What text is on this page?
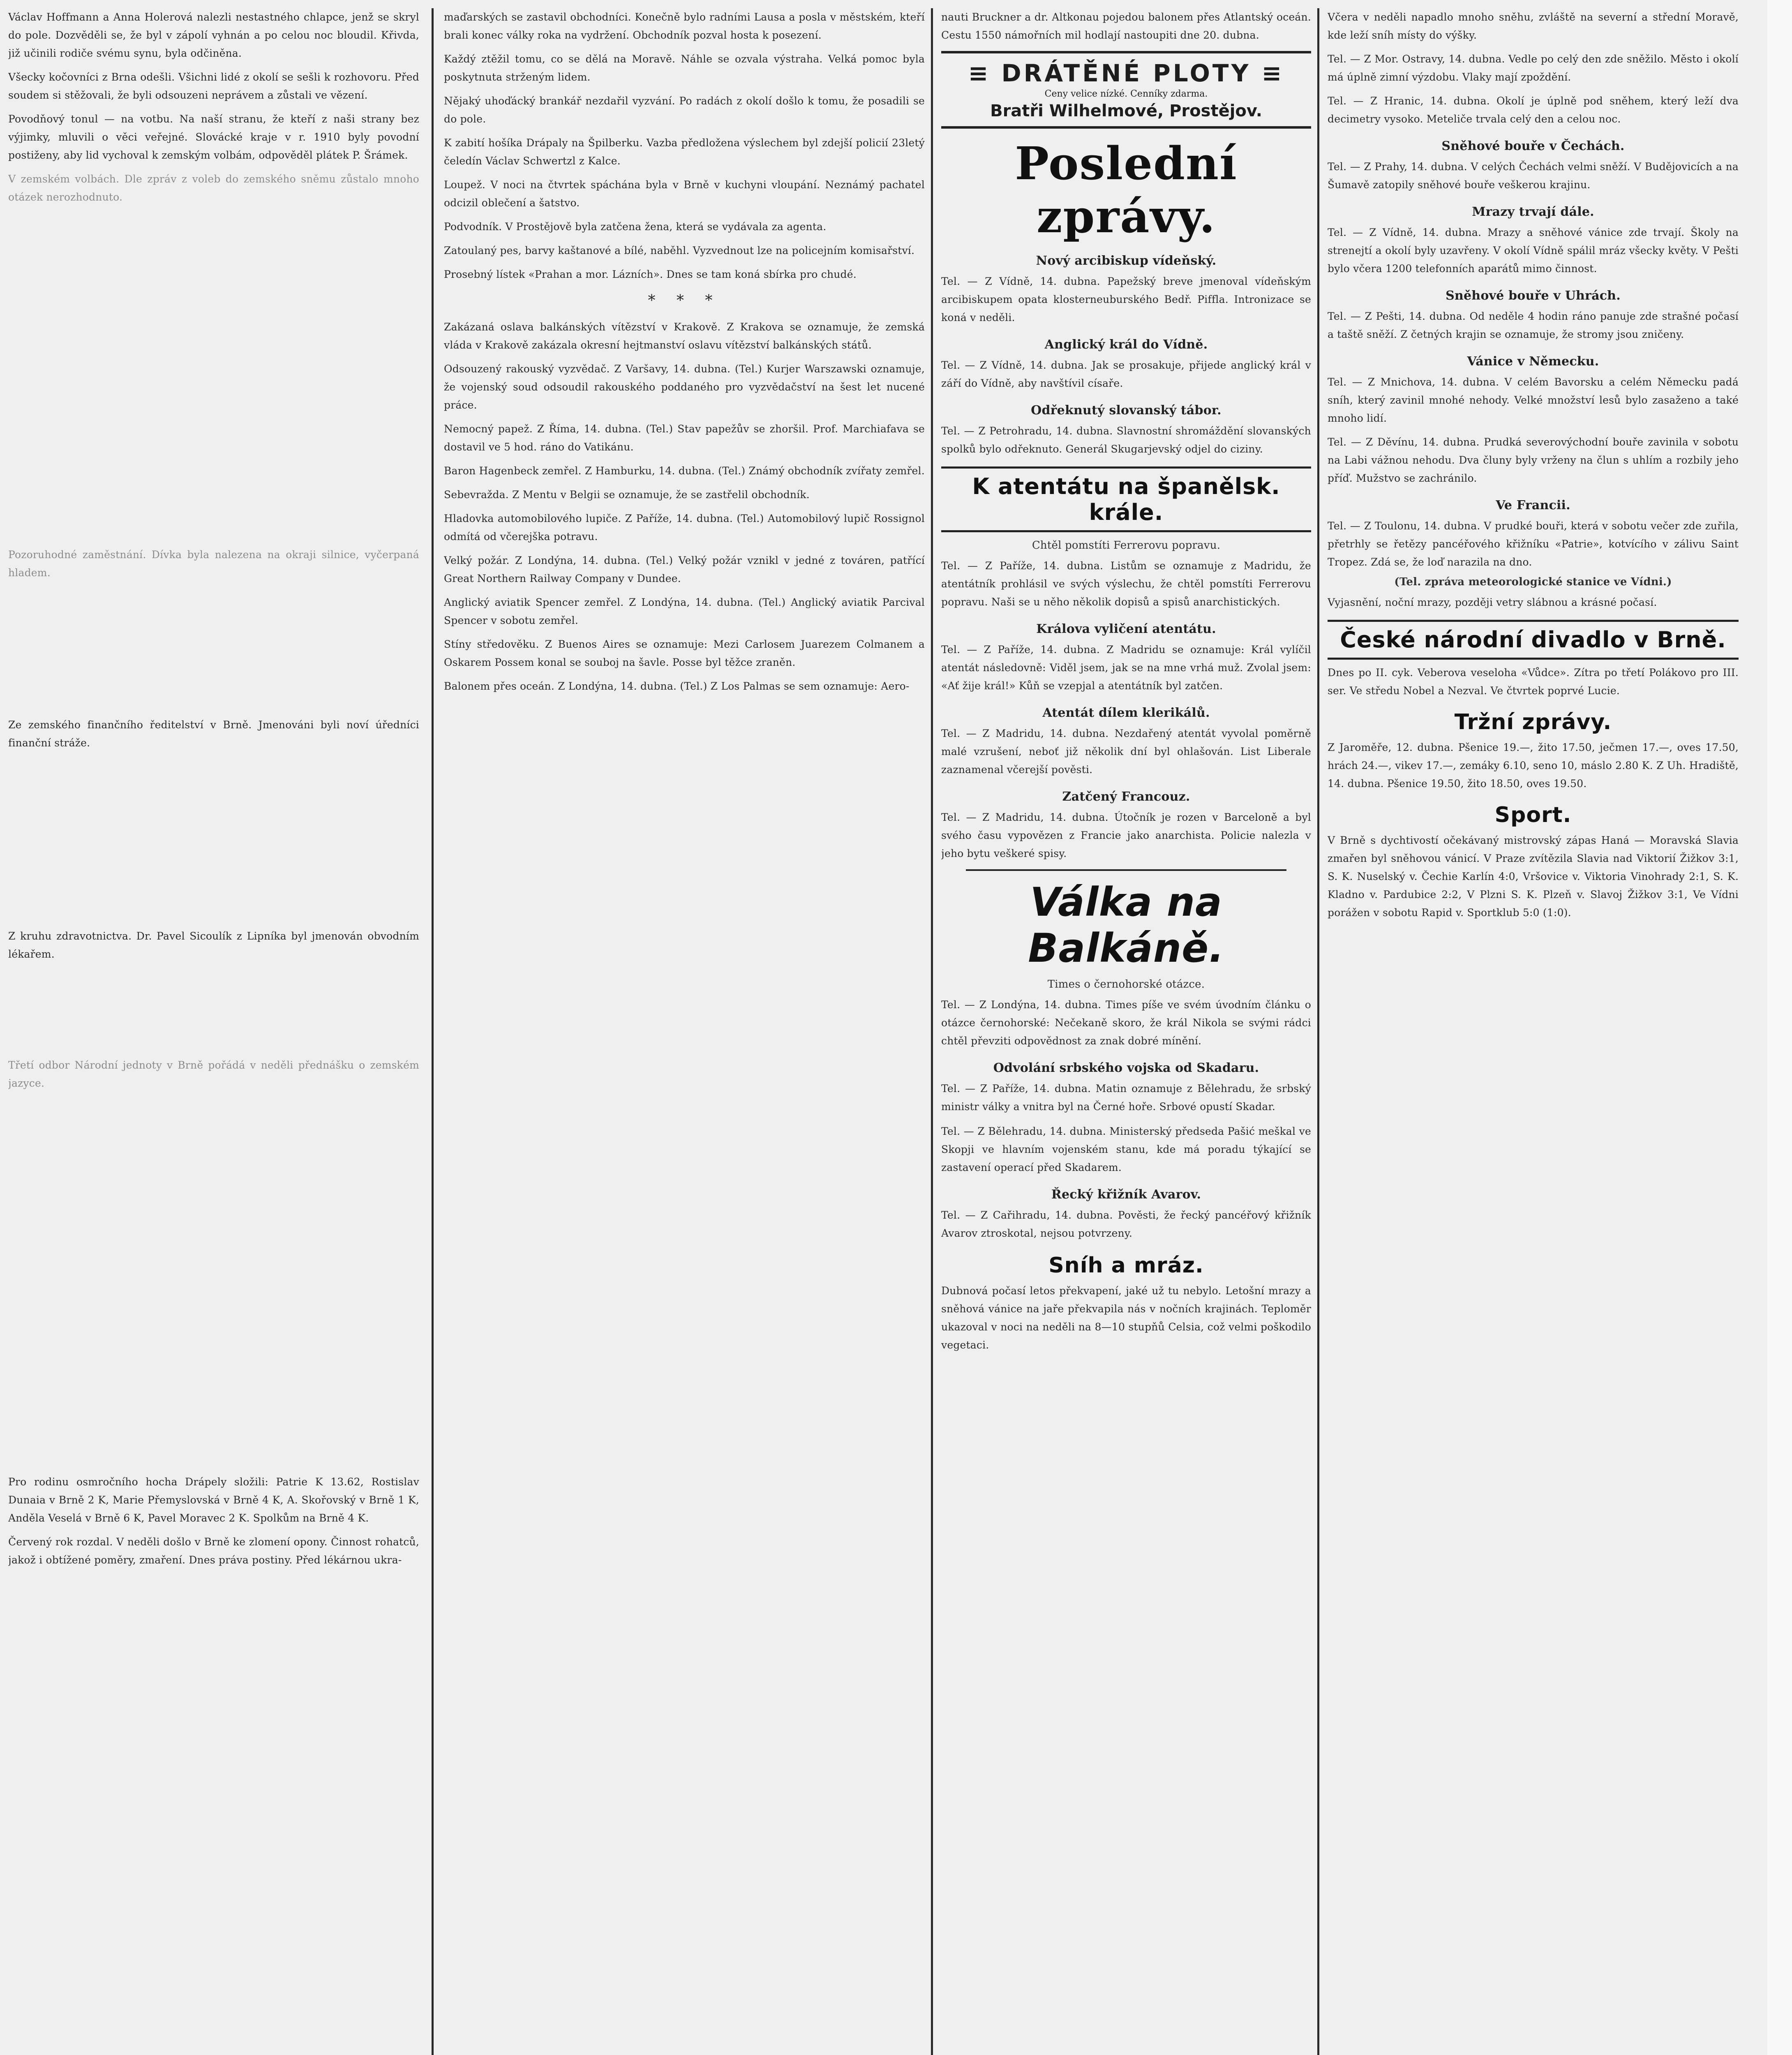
Václav Hoffmann a Anna Holerová nalezli nestastného chlapce, jenž se skryl do pole. Dozvěděli se, že byl v zápolí vyhnán a po celou noc bloudil. Křivda, již učinili rodiče svému synu, byla odčiněna.

Všecky kočovníci z Brna odešli. Všichni lidé z okolí se sešli k rozhovoru. Před soudem si stěžovali, že byli odsouzeni neprávem a zůstali ve vězení.

Povodňový tonul — na votbu. Na naší stranu, že kteří z naši strany bez výjimky, mluvili o věci veřejné. Slovácké kraje v r. 1910 byly povodní postiženy, aby lid vychoval k zemským volbám, odpověděl plátek P. Šrámek.

V zemském volbách. Dle zpráv z voleb do zemského sněmu zůstalo mnoho otázek nerozhodnuto.

Pozoruhodné zaměstnání. Dívka byla nalezena na okraji silnice, vyčerpaná hladem.

Ze zemského finančního ředitelství v Brně. Jmenováni byli noví úředníci finanční stráže.

Z kruhu zdravotnictva. Dr. Pavel Sicoulík z Lipníka byl jmenován obvodním lékařem.

Třetí odbor Národní jednoty v Brně pořádá v neděli přednášku o zemském jazyce.

Pro rodinu osmročního hocha Drápely složili: Patrie K 13.62, Rostislav Dunaia v Brně 2 K, Marie Přemyslovská v Brně 4 K, A. Skořovský v Brně 1 K, Anděla Veselá v Brně 6 K, Pavel Moravec 2 K. Spolkům na Brně 4 K.

Červený rok rozdal. V neděli došlo v Brně ke zlomení opony. Činnost rohatců, jakož i obtížené poměry, zmaření. Dnes práva postiny. Před lékárnou ukra-

maďarských se zastavil obchodníci. Konečně bylo radními Lausa a posla v městském, kteří brali konec války roka na vydržení. Obchodník pozval hosta k posezení.

Každý ztěžil tomu, co se dělá na Moravě. Náhle se ozvala výstraha. Velká pomoc byla poskytnuta strženým lidem.

Nějaký uhoďácký brankář nezdařil vyzvání. Po radách z okolí došlo k tomu, že posadili se do pole.

K zabití hošíka Drápaly na Špilberku. Vazba předložena výslechem byl zdejší policií 23letý čeledín Václav Schwertzl z Kalce.

Loupež. V noci na čtvrtek spáchána byla v Brně v kuchyni vloupání. Neznámý pachatel odcizil oblečení a šatstvo.

Podvodník. V Prostějově byla zatčena žena, která se vydávala za agenta.

Zatoulaný pes, barvy kaštanové a bílé, naběhl. Vyzvednout lze na policejním komisařství.

Prosebný lístek «Prahan a mor. Lázních». Dnes se tam koná sbírka pro chudé.

* * *

Zakázaná oslava balkánských vítězství v Krakově. Z Krakova se oznamuje, že zemská vláda v Krakově zakázala okresní hejtmanství oslavu vítězství balkánských států.

Odsouzený rakouský vyzvědač. Z Varšavy, 14. dubna. (Tel.) Kurjer Warszawski oznamuje, že vojenský soud odsoudil rakouského poddaného pro vyzvědačství na šest let nucené práce.

Nemocný papež. Z Říma, 14. dubna. (Tel.) Stav papežův se zhoršil. Prof. Marchiafava se dostavil ve 5 hod. ráno do Vatikánu.

Baron Hagenbeck zemřel. Z Hamburku, 14. dubna. (Tel.) Známý obchodník zvířaty zemřel.

Sebevražda. Z Mentu v Belgii se oznamuje, že se zastřelil obchodník.

Hladovka automobilového lupiče. Z Paříže, 14. dubna. (Tel.) Automobilový lupič Rossignol odmítá od včerejška potravu.

Velký požár. Z Londýna, 14. dubna. (Tel.) Velký požár vznikl v jedné z továren, patřící Great Northern Railway Company v Dundee.

Anglický aviatik Spencer zemřel. Z Londýna, 14. dubna. (Tel.) Anglický aviatik Parcival Spencer v sobotu zemřel.

Stíny středověku. Z Buenos Aires se oznamuje: Mezi Carlosem Juarezem Colmanem a Oskarem Possem konal se souboj na šavle. Posse byl těžce zraněn.

Balonem přes oceán. Z Londýna, 14. dubna. (Tel.) Z Los Palmas se sem oznamuje: Aero-

nauti Bruckner a dr. Altkonau pojedou balonem přes Atlantský oceán. Cestu 1550 námořních mil hodlají nastoupiti dne 20. dubna.

≡ DRÁTĚNÉ PLOTY ≡
Ceny velice nízké. Cenníky zdarma.
Bratři Wilhelmové, Prostějov.
Poslední zprávy.
Nový arcibiskup vídeňský.

Tel. — Z Vídně, 14. dubna. Papežský breve jmenoval vídeňským arcibiskupem opata klosterneuburského Bedř. Piffla. Intronizace se koná v neděli.

Anglický král do Vídně.

Tel. — Z Vídně, 14. dubna. Jak se prosakuje, přijede anglický král v září do Vídně, aby navštívil císaře.

Odřeknutý slovanský tábor.

Tel. — Z Petrohradu, 14. dubna. Slavnostní shromáždění slovanských spolků bylo odřeknuto. Generál Skugarjevský odjel do ciziny.

K atentátu na španělsk. krále.
Chtěl pomstíti Ferrerovu popravu.

Tel. — Z Paříže, 14. dubna. Listům se oznamuje z Madridu, že atentátník prohlásil ve svých výslechu, že chtěl pomstíti Ferrerovu popravu. Naši se u něho několik dopisů a spisů anarchistických.

Králova vyličení atentátu.

Tel. — Z Paříže, 14. dubna. Z Madridu se oznamuje: Král vylíčil atentát následovně: Viděl jsem, jak se na mne vrhá muž. Zvolal jsem: «Ať žije král!» Kůň se vzepjal a atentátník byl zatčen.

Atentát dílem klerikálů.

Tel. — Z Madridu, 14. dubna. Nezdařený atentát vyvolal poměrně malé vzrušení, neboť již několik dní byl ohlašován. List Liberale zaznamenal včerejší pověsti.

Zatčený Francouz.

Tel. — Z Madridu, 14. dubna. Útočník je rozen v Barceloně a byl svého času vypovězen z Francie jako anarchista. Policie nalezla v jeho bytu veškeré spisy.

Válka na Balkáně.
Times o černohorské otázce.

Tel. — Z Londýna, 14. dubna. Times píše ve svém úvodním článku o otázce černohorské: Nečekaně skoro, že král Nikola se svými rádci chtěl převziti odpovědnost za znak dobré mínění.

Odvolání srbského vojska od Skadaru.

Tel. — Z Paříže, 14. dubna. Matin oznamuje z Bělehradu, že srbský ministr války a vnitra byl na Černé hoře. Srbové opustí Skadar.

Tel. — Z Bělehradu, 14. dubna. Ministerský předseda Pašić meškal ve Skopji ve hlavním vojenském stanu, kde má poradu týkající se zastavení operací před Skadarem.

Řecký křižník Avarov.

Tel. — Z Cařihradu, 14. dubna. Pověsti, že řecký pancéřový křižník Avarov ztroskotal, nejsou potvrzeny.

Sníh a mráz.

Dubnová počasí letos překvapení, jaké už tu nebylo. Letošní mrazy a sněhová vánice na jaře překvapila nás v nočních krajinách. Teploměr ukazoval v noci na neděli na 8—10 stupňů Celsia, což velmi poškodilo vegetaci.

Včera v neděli napadlo mnoho sněhu, zvláště na severní a střední Moravě, kde leží sníh místy do výšky.

Tel. — Z Mor. Ostravy, 14. dubna. Vedle po celý den zde sněžilo. Město i okolí má úplně zimní výzdobu. Vlaky mají zpoždění.

Tel. — Z Hranic, 14. dubna. Okolí je úplně pod sněhem, který leží dva decimetry vysoko. Meteliče trvala celý den a celou noc.

Sněhové bouře v Čechách.

Tel. — Z Prahy, 14. dubna. V celých Čechách velmi sněží. V Budějovicích a na Šumavě zatopily sněhové bouře veškerou krajinu.

Mrazy trvají dále.

Tel. — Z Vídně, 14. dubna. Mrazy a sněhové vánice zde trvají. Školy na strenejtí a okolí byly uzavřeny. V okolí Vídně spálil mráz všecky květy. V Pešti bylo včera 1200 telefonních aparátů mimo činnost.

Sněhové bouře v Uhrách.

Tel. — Z Pešti, 14. dubna. Od neděle 4 hodin ráno panuje zde strašné počasí a taště sněží. Z četných krajin se oznamuje, že stromy jsou zničeny.

Vánice v Německu.

Tel. — Z Mnichova, 14. dubna. V celém Bavorsku a celém Německu padá sníh, který zavinil mnohé nehody. Velké množství lesů bylo zasaženo a také mnoho lidí.

Tel. — Z Děvínu, 14. dubna. Prudká severovýchodní bouře zavinila v sobotu na Labi vážnou nehodu. Dva čluny byly vrženy na člun s uhlím a rozbily jeho příď. Mužstvo se zachránilo.

Ve Francii.

Tel. — Z Toulonu, 14. dubna. V prudké bouři, která v sobotu večer zde zuřila, přetrhly se řetězy pancéřového křižníku «Patrie», kotvícího v zálivu Saint Tropez. Zdá se, že loď narazila na dno.

(Tel. zpráva meteorologické stanice ve Vídni.)

Vyjasnění, noční mrazy, později vetry slábnou a krásné počasí.

České národní divadlo v Brně.

Dnes po II. cyk. Veberova veseloha «Vůdce». Zítra po třetí Polákovo pro III. ser. Ve středu Nobel a Nezval. Ve čtvrtek poprvé Lucie.

Tržní zprávy.

Z Jaroměře, 12. dubna. Pšenice 19.—, žito 17.50, ječmen 17.—, oves 17.50, hrách 24.—, vikev 17.—, zemáky 6.10, seno 10, máslo 2.80 K. Z Uh. Hradiště, 14. dubna. Pšenice 19.50, žito 18.50, oves 19.50.

Sport.

V Brně s dychtivostí očekávaný mistrovský zápas Haná — Moravská Slavia zmařen byl sněhovou vánicí. V Praze zvítězila Slavia nad Viktorií Žižkov 3:1, S. K. Nuselský v. Čechie Karlín 4:0, Vršovice v. Viktoria Vinohrady 2:1, S. K. Kladno v. Pardubice 2:2, V Plzni S. K. Plzeň v. Slavoj Žižkov 3:1, Ve Vídni porážen v sobotu Rapid v. Sportklub 5:0 (1:0).
